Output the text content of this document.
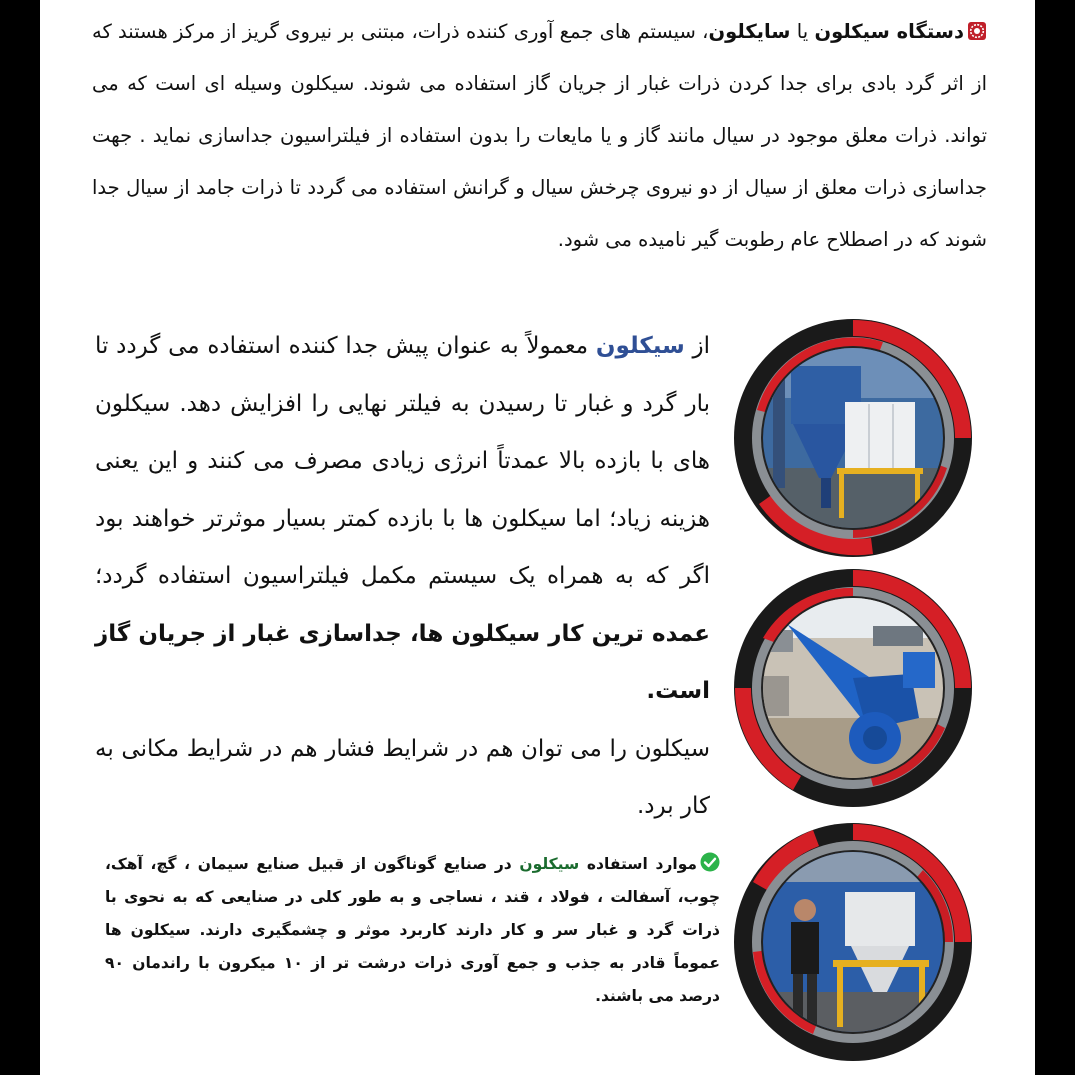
دستگاه سیکلون یا سایکلون، سیستم های جمع آوری کننده ذرات، مبتنی بر نیروی گریز از مرکز هستند که از اثر گرد بادی برای جدا کردن ذرات غبار از جریان گاز استفاده می شوند. سیکلون وسیله ای است که می تواند. ذرات معلق موجود در سیال مانند گاز و یا مایعات را بدون استفاده از فیلتراسیون جداسازی نماید . جهت جداسازی ذرات معلق از سیال از دو نیروی چرخش سیال و گرانش استفاده می گردد تا ذرات جامد از سیال جدا شوند که در اصطلاح عام رطوبت گیر نامیده می شود.

از سیکلون معمولاً به عنوان پیش جدا کننده استفاده می گردد تا بار گرد و غبار تا رسیدن به فیلتر نهایی را افزایش دهد. سیکلون های با بازده بالا عمدتاً انرژی زیادی مصرف می کنند و این یعنی هزینه زیاد؛ اما سیکلون ها با بازده کمتر بسیار موثرتر خواهند بود اگر که به همراه یک سیستم مکمل فیلتراسیون استفاده گردد؛ عمده ترین کار سیکلون ها، جداسازی غبار از جریان گاز است.
سیکلون را می توان هم در شرایط فشار هم در شرایط مکانی به کار برد.

موارد استفاده سیکلون در صنایع گوناگون از قبیل صنایع سیمان ، گچ، آهک، چوب، آسفالت ، فولاد ، قند ، نساجی و به طور کلی در صنایعی که به نحوی با ذرات گرد و غبار سر و کار دارند کاربرد موثر و چشمگیری دارند. سیکلون ها عموماً قادر به جذب و جمع آوری ذرات درشت تر از ۱۰ میکرون با راندمان ۹۰ درصد می باشند.
